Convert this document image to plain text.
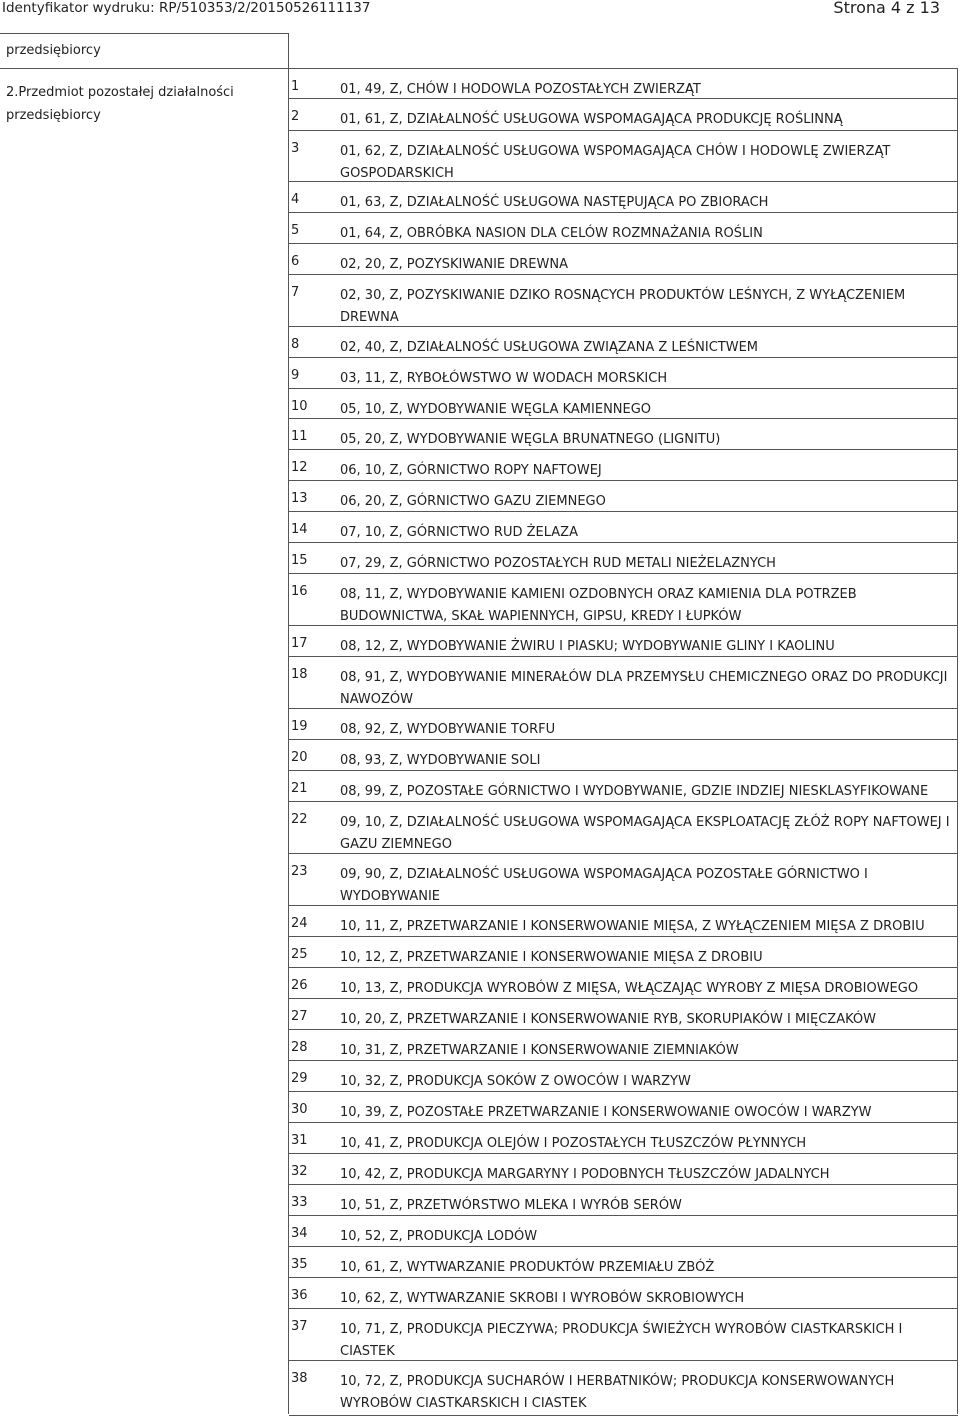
Identyfikator wydruku: RP/510353/2/20150526111137	Strona 4 z 13
przedsiębiorcy
2.Przedmiot pozostałej działalności
przedsiębiorcy
1	01, 49, Z, CHÓW I HODOWLA POZOSTAŁYCH ZWIERZĄT
2	01, 61, Z, DZIAŁALNOŚĆ USŁUGOWA WSPOMAGAJĄCA PRODUKCJĘ ROŚLINNĄ
3	01, 62, Z, DZIAŁALNOŚĆ USŁUGOWA WSPOMAGAJĄCA CHÓW I HODOWLĘ ZWIERZĄT GOSPODARSKICH
4	01, 63, Z, DZIAŁALNOŚĆ USŁUGOWA NASTĘPUJĄCA PO ZBIORACH
5	01, 64, Z, OBRÓBKA NASION DLA CELÓW ROZMNAŻANIA ROŚLIN
6	02, 20, Z, POZYSKIWANIE DREWNA
7	02, 30, Z, POZYSKIWANIE DZIKO ROSNĄCYCH PRODUKTÓW LEŚNYCH, Z WYŁĄCZENIEM DREWNA
8	02, 40, Z, DZIAŁALNOŚĆ USŁUGOWA ZWIĄZANA Z LEŚNICTWEM
9	03, 11, Z, RYBOŁÓWSTWO W WODACH MORSKICH
10 05, 10, Z, WYDOBYWANIE WĘGLA KAMIENNEGO
11 05, 20, Z, WYDOBYWANIE WĘGLA BRUNATNEGO (LIGNITU)
12 06, 10, Z, GÓRNICTWO ROPY NAFTOWEJ
13 06, 20, Z, GÓRNICTWO GAZU ZIEMNEGO
14 07, 10, Z, GÓRNICTWO RUD ŻELAZA
15 07, 29, Z, GÓRNICTWO POZOSTAŁYCH RUD METALI NIEŻELAZNYCH
16 08, 11, Z, WYDOBYWANIE KAMIENI OZDOBNYCH ORAZ KAMIENIA DLA POTRZEB BUDOWNICTWA, SKAŁ WAPIENNYCH, GIPSU, KREDY I ŁUPKÓW
17 08, 12, Z, WYDOBYWANIE ŻWIRU I PIASKU; WYDOBYWANIE GLINY I KAOLINU
18 08, 91, Z, WYDOBYWANIE MINERAŁÓW DLA PRZEMYSŁU CHEMICZNEGO ORAZ DO PRODUKCJI NAWOZÓW
19 08, 92, Z, WYDOBYWANIE TORFU
20 08, 93, Z, WYDOBYWANIE SOLI
21 08, 99, Z, POZOSTAŁE GÓRNICTWO I WYDOBYWANIE, GDZIE INDZIEJ NIESKLASYFIKOWANE
22 09, 10, Z, DZIAŁALNOŚĆ USŁUGOWA WSPOMAGAJĄCA EKSPLOATACJĘ ZŁÓŻ ROPY NAFTOWEJ I GAZU ZIEMNEGO
23 09, 90, Z, DZIAŁALNOŚĆ USŁUGOWA WSPOMAGAJĄCA POZOSTAŁE GÓRNICTWO I WYDOBYWANIE
24 10, 11, Z, PRZETWARZANIE I KONSERWOWANIE MIĘSA, Z WYŁĄCZENIEM MIĘSA Z DROBIU
25 10, 12, Z, PRZETWARZANIE I KONSERWOWANIE MIĘSA Z DROBIU
26 10, 13, Z, PRODUKCJA WYROBÓW Z MIĘSA, WŁĄCZAJĄC WYROBY Z MIĘSA DROBIOWEGO
27 10, 20, Z, PRZETWARZANIE I KONSERWOWANIE RYB, SKORUPIAKÓW I MIĘCZAKÓW
28 10, 31, Z, PRZETWARZANIE I KONSERWOWANIE ZIEMNIAKÓW
29 10, 32, Z, PRODUKCJA SOKÓW Z OWOCÓW I WARZYW
30 10, 39, Z, POZOSTAŁE PRZETWARZANIE I KONSERWOWANIE OWOCÓW I WARZYW
31 10, 41, Z, PRODUKCJA OLEJÓW I POZOSTAŁYCH TŁUSZCZÓW PŁYNNYCH
32 10, 42, Z, PRODUKCJA MARGARYNY I PODOBNYCH TŁUSZCZÓW JADALNYCH
33 10, 51, Z, PRZETWÓRSTWO MLEKA I WYRÓB SERÓW
34 10, 52, Z, PRODUKCJA LODÓW
35 10, 61, Z, WYTWARZANIE PRODUKTÓW PRZEMIAŁU ZBÓŻ
36 10, 62, Z, WYTWARZANIE SKROBI I WYROBÓW SKROBIOWYCH
37 10, 71, Z, PRODUKCJA PIECZYWA; PRODUKCJA ŚWIEŻYCH WYROBÓW CIASTKARSKICH I CIASTEK
38 10, 72, Z, PRODUKCJA SUCHARÓW I HERBATNIKÓW; PRODUKCJA KONSERWOWANYCH WYROBÓW CIASTKARSKICH I CIASTEK
